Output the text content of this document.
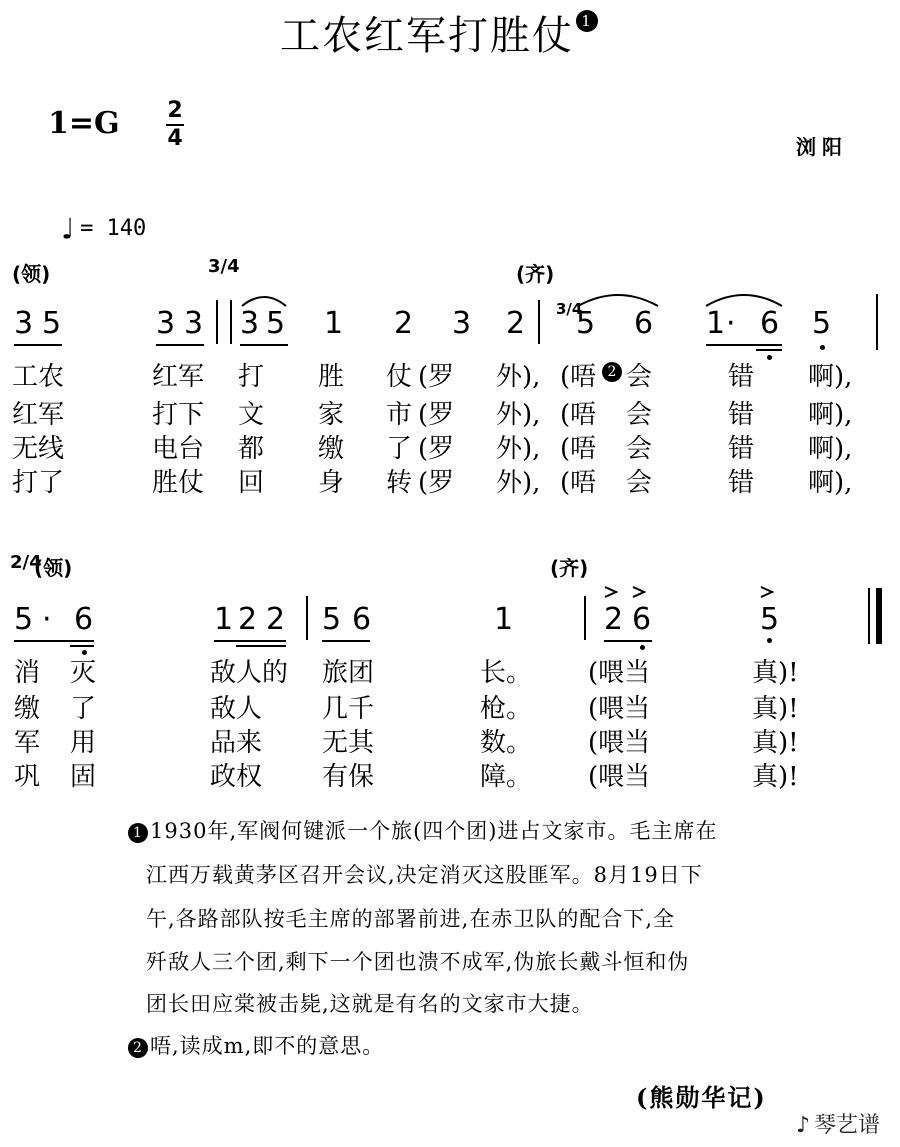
工农红军打胜仗 1
1=G 2
4	浏阳
♩ = 140
(领)	3/4	(齐)
3 5	3 3 3 5 1 2 3 2 3/4
5 6 1 · 6 5
工农	红军 打 胜 仗 (罗 外), (唔 2 会	错 啊),
红军	打下 文 家 市 (罗 外), (唔 会	错 啊),
无线	电台 都 缴 了 (罗 外), (唔 会	错 啊),
打了	胜仗 回 身 转 (罗 外), (唔 会	错 啊),
2/4
(领)	(齐)
5 · 6	1 2 2 5 6	1	2 6	5
消 灭	敌人的 旅团	长。 (喂当	真)!
缴 了	敌人 几千	枪。 (喂当	真)!
军 用	品来 无其	数。 (喂当	真)!
巩 固	政权 有保	障。 (喂当	真)!
1 1930年,军阀何键派一个旅(四个团)进占文家市。毛主席在
江西万载黄茅区召开会议,决定消灭这股匪军。8月19日下
午,各路部队按毛主席的部署前进,在赤卫队的配合下,全
歼敌人三个团,剩下一个团也溃不成军,伪旅长戴斗恒和伪
团长田应棠被击毙,这就是有名的文家市大捷。
2 唔,读成m,即不的意思。
(熊勋华记)
♪ 琴艺谱
